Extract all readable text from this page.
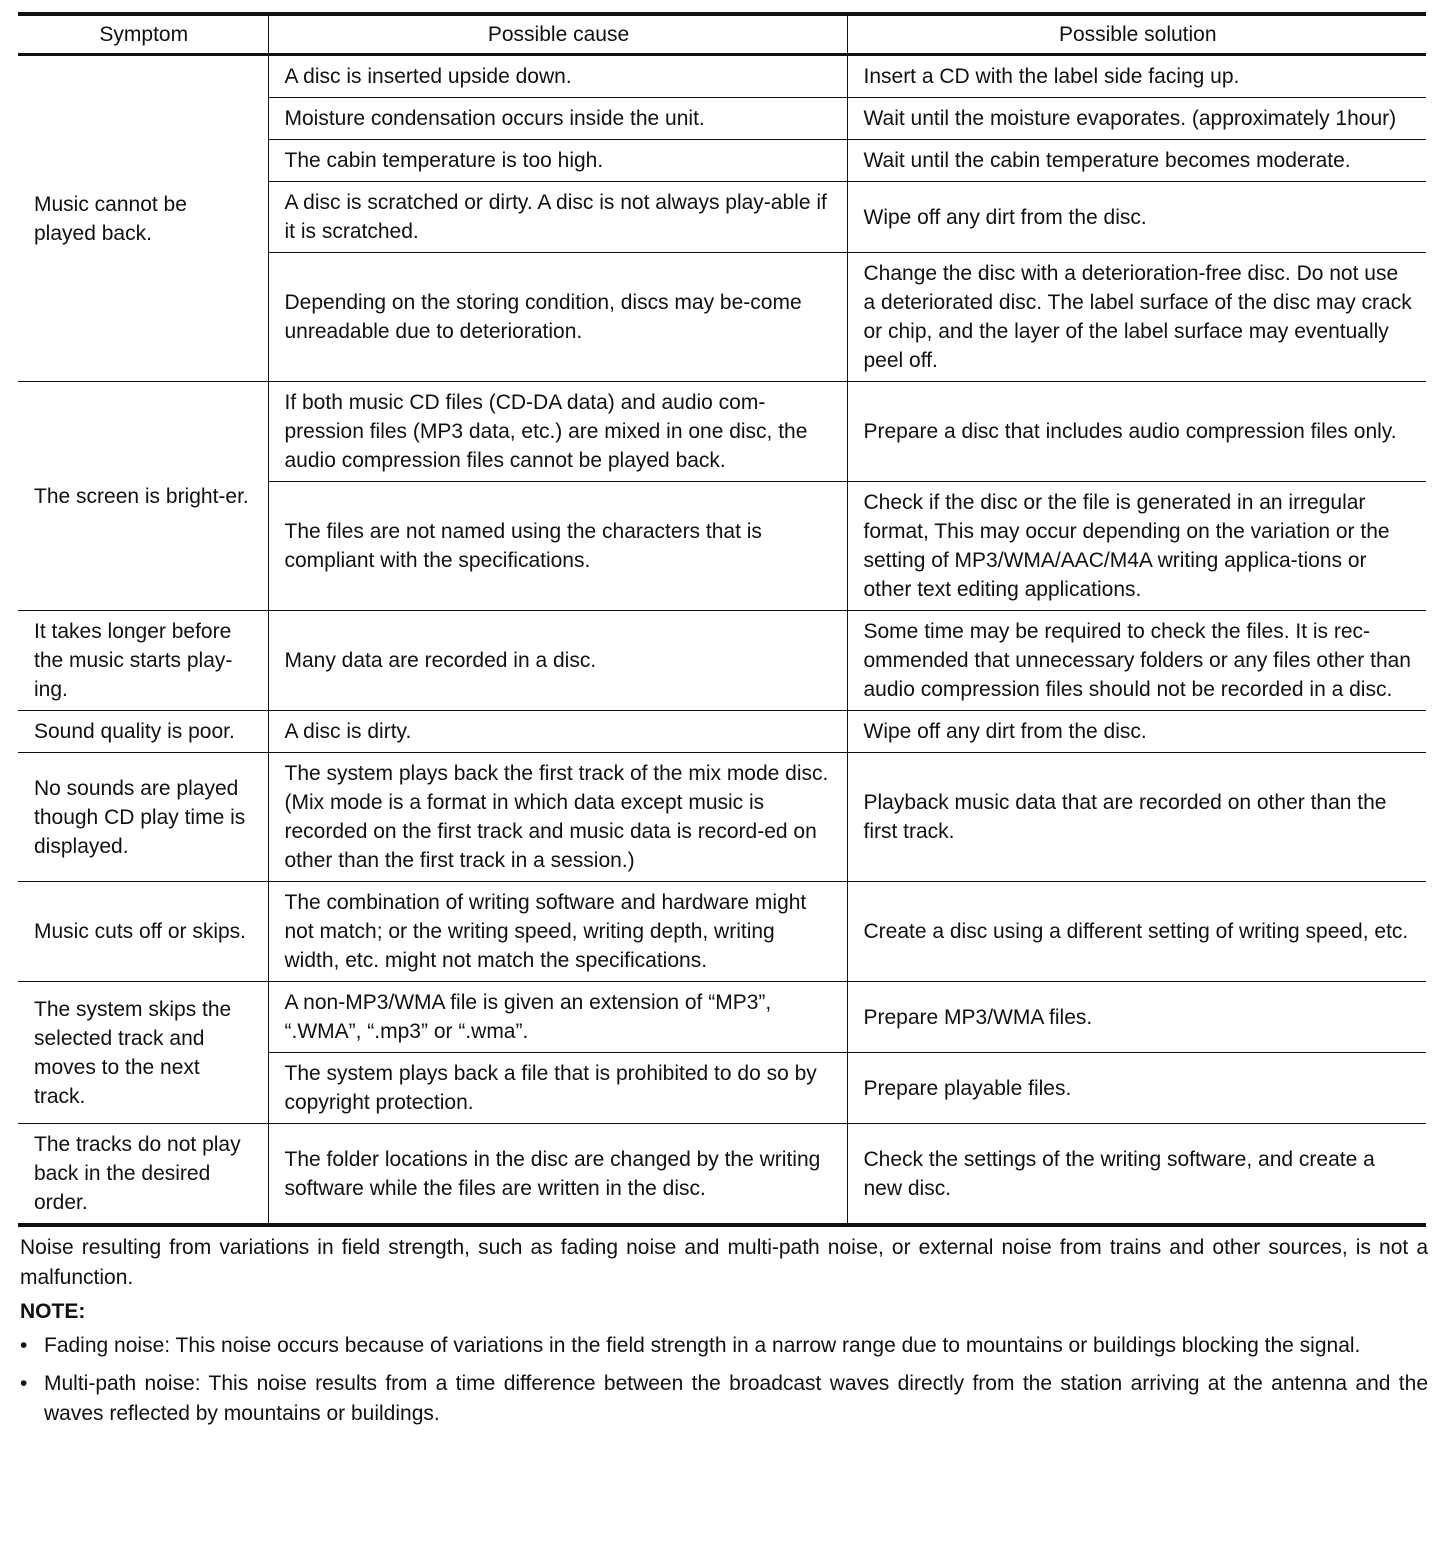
Symptom	Possible cause	Possible solution
Music cannot be played back.	A disc is inserted upside down.	Insert a CD with the label side facing up.
	Moisture condensation occurs inside the unit.	Wait until the moisture evaporates. (approximately 1hour)
	The cabin temperature is too high.	Wait until the cabin temperature becomes moderate.
	A disc is scratched or dirty. A disc is not always play-able if it is scratched.	Wipe off any dirt from the disc.
	Depending on the storing condition, discs may be-come unreadable due to deterioration.	Change the disc with a deterioration-free disc. Do not use a deteriorated disc. The label surface of the disc may crack or chip, and the layer of the label surface may eventually peel off.
The screen is bright-er.	If both music CD files (CD-DA data) and audio com-pression files (MP3 data, etc.) are mixed in one disc, the audio compression files cannot be played back.	Prepare a disc that includes audio compression files only.
	The files are not named using the characters that is compliant with the specifications.	Check if the disc or the file is generated in an irregular format, This may occur depending on the variation or the setting of MP3/WMA/AAC/M4A writing applica-tions or other text editing applications.
It takes longer before the music starts play-ing.	Many data are recorded in a disc.	Some time may be required to check the files. It is rec-ommended that unnecessary folders or any files other than audio compression files should not be recorded in a disc.
Sound quality is poor.	A disc is dirty.	Wipe off any dirt from the disc.
No sounds are played though CD play time is displayed.	The system plays back the first track of the mix mode disc. (Mix mode is a format in which data except music is recorded on the first track and music data is record-ed on other than the first track in a session.)	Playback music data that are recorded on other than the first track.
Music cuts off or skips.	The combination of writing software and hardware might not match; or the writing speed, writing depth, writing width, etc. might not match the specifications.	Create a disc using a different setting of writing speed, etc.
The system skips the selected track and moves to the next track.	A non-MP3/WMA file is given an extension of “MP3”, “.WMA”, “.mp3” or “.wma”.	Prepare MP3/WMA files.
	The system plays back a file that is prohibited to do so by copyright protection.	Prepare playable files.
The tracks do not play back in the desired order.	The folder locations in the disc are changed by the writing software while the files are written in the disc.	Check the settings of the writing software, and create a new disc.

Noise resulting from variations in field strength, such as fading noise and multi-path noise, or external noise from trains and other sources, is not a malfunction.

NOTE:

• Fading noise: This noise occurs because of variations in the field strength in a narrow range due to mountains or buildings blocking the signal.
• Multi-path noise: This noise results from a time difference between the broadcast waves directly from the station arriving at the antenna and the waves reflected by mountains or buildings.
